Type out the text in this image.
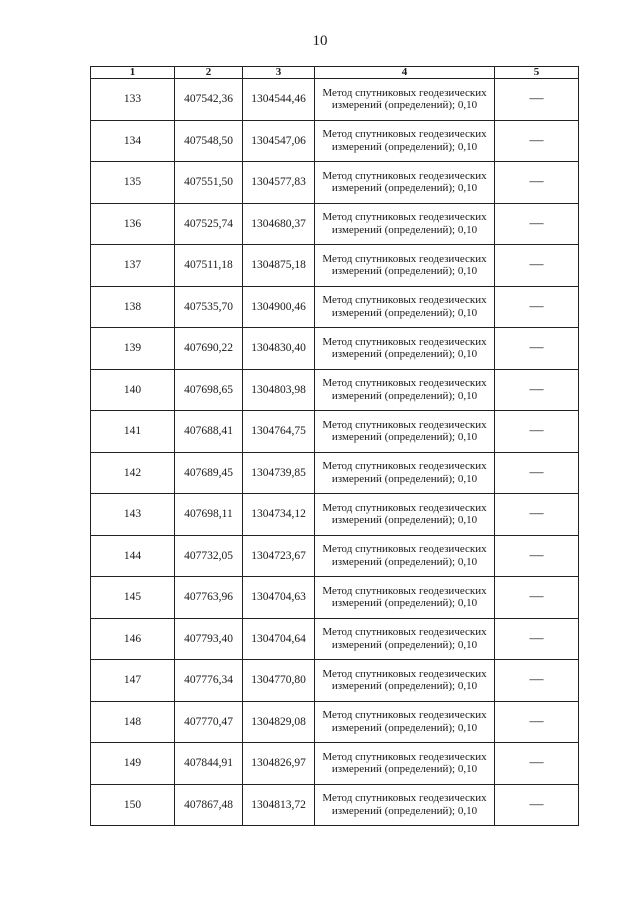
10
1	2	3	4	5
133	407542,36	1304544,46	Метод спутниковых геодезических измерений (определений); 0,10	—
134	407548,50	1304547,06	Метод спутниковых геодезических измерений (определений); 0,10	—
135	407551,50	1304577,83	Метод спутниковых геодезических измерений (определений); 0,10	—
136	407525,74	1304680,37	Метод спутниковых геодезических измерений (определений); 0,10	—
137	407511,18	1304875,18	Метод спутниковых геодезических измерений (определений); 0,10	—
138	407535,70	1304900,46	Метод спутниковых геодезических измерений (определений); 0,10	—
139	407690,22	1304830,40	Метод спутниковых геодезических измерений (определений); 0,10	—
140	407698,65	1304803,98	Метод спутниковых геодезических измерений (определений); 0,10	—
141	407688,41	1304764,75	Метод спутниковых геодезических измерений (определений); 0,10	—
142	407689,45	1304739,85	Метод спутниковых геодезических измерений (определений); 0,10	—
143	407698,11	1304734,12	Метод спутниковых геодезических измерений (определений); 0,10	—
144	407732,05	1304723,67	Метод спутниковых геодезических измерений (определений); 0,10	—
145	407763,96	1304704,63	Метод спутниковых геодезических измерений (определений); 0,10	—
146	407793,40	1304704,64	Метод спутниковых геодезических измерений (определений); 0,10	—
147	407776,34	1304770,80	Метод спутниковых геодезических измерений (определений); 0,10	—
148	407770,47	1304829,08	Метод спутниковых геодезических измерений (определений); 0,10	—
149	407844,91	1304826,97	Метод спутниковых геодезических измерений (определений); 0,10	—
150	407867,48	1304813,72	Метод спутниковых геодезических измерений (определений); 0,10	—
